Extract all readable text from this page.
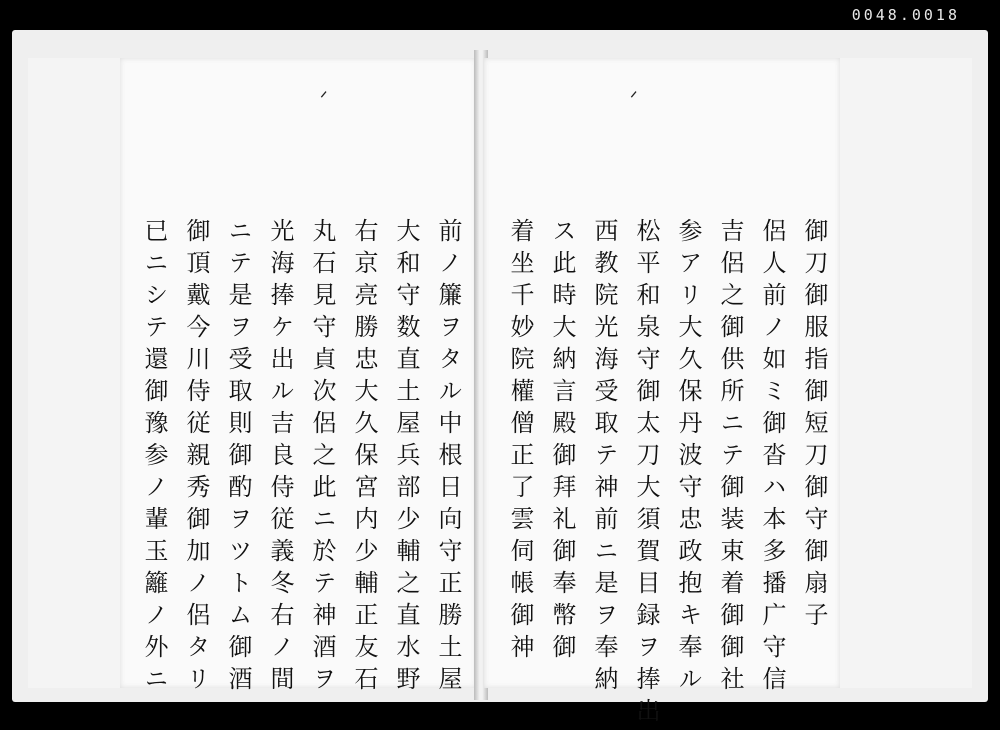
0048.0018
ᐟ
前ノ簾ヲタル中根日向守正勝土屋
大和守数直土屋兵部少輔之直水野
右京亮勝忠大久保宮内少輔正友石
丸石見守貞次侶之此ニ於テ神酒ヲ
光海捧ケ出ル吉良侍従義冬右ノ間
ニテ是ヲ受取則御酌ヲツトム御酒
御頂戴今川侍従親秀御加ノ侶タリ
已ニシテ還御豫参ノ輩玉籬ノ外ニ
ᐟ
御刀御服指御短刀御守御扇子
侶人前ノ如ミ御沓ハ本多播广守信
吉侶之御供所ニテ御装束着御御社
参アリ大久保丹波守忠政抱キ奉ル
松平和泉守御太刀大須賀目録ヲ捧出
西教院光海受取テ神前ニ是ヲ奉納
ス此時大納言殿御拜礼御奉幣御
着坐千妙院權僧正了雲伺帳御神
